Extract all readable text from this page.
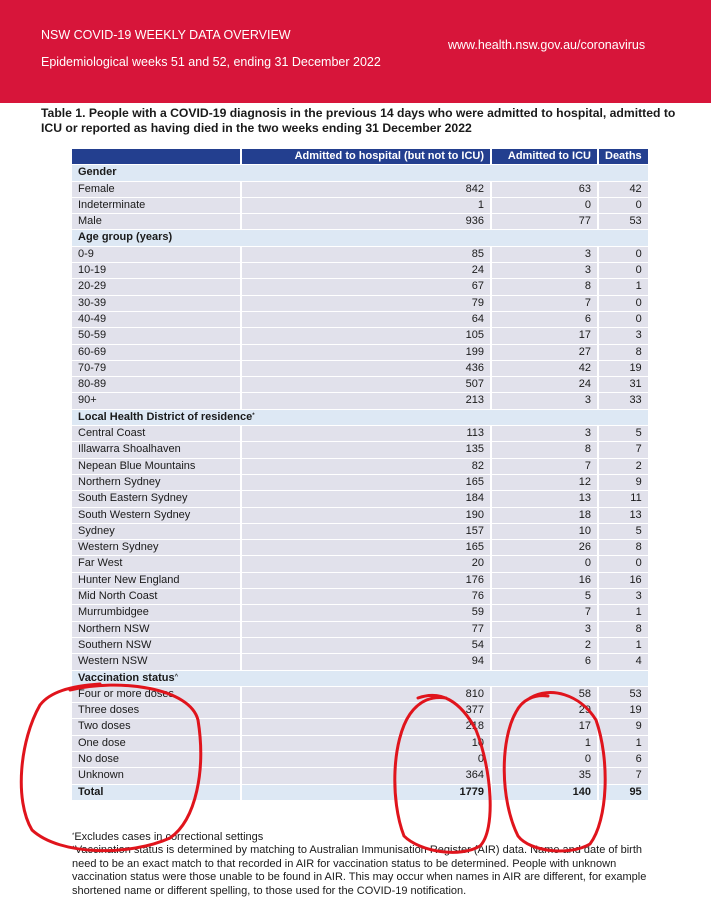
NSW COVID-19 WEEKLY DATA OVERVIEW
Epidemiological weeks 51 and 52, ending 31 December 2022
www.health.nsw.gov.au/coronavirus
Table 1. People with a COVID-19 diagnosis in the previous 14 days who were admitted to hospital, admitted to ICU or reported as having died in the two weeks ending 31 December 2022
	Admitted to hospital (but not to ICU)	Admitted to ICU	Deaths
Gender			
Female	842	63	42
Indeterminate	1	0	0
Male	936	77	53
Age group (years)			
0-9	85	3	0
10-19	24	3	0
20-29	67	8	1
30-39	79	7	0
40-49	64	6	0
50-59	105	17	3
60-69	199	27	8
70-79	436	42	19
80-89	507	24	31
90+	213	3	33
Local Health District of residence*
Central Coast	113	3	5
Illawarra Shoalhaven	135	8	7
Nepean Blue Mountains	82	7	2
Northern Sydney	165	12	9
South Eastern Sydney	184	13	11
South Western Sydney	190	18	13
Sydney	157	10	5
Western Sydney	165	26	8
Far West	20	0	0
Hunter New England	176	16	16
Mid North Coast	76	5	3
Murrumbidgee	59	7	1
Northern NSW	77	3	8
Southern NSW	54	2	1
Western NSW	94	6	4
Vaccination status^
Four or more doses	810	58	53
Three doses	377	29	19
Two doses	218	17	9
One dose	10	1	1
No dose	0	0	6
Unknown	364	35	7
Total	1779	140	95
*Excludes cases in correctional settings
^Vaccination status is determined by matching to Australian Immunisation Register (AIR) data. Name and date of birth need to be an exact match to that recorded in AIR for vaccination status to be determined. People with unknown vaccination status were those unable to be found in AIR. This may occur when names in AIR are different, for example shortened name or different spelling, to those used for the COVID-19 notification.
